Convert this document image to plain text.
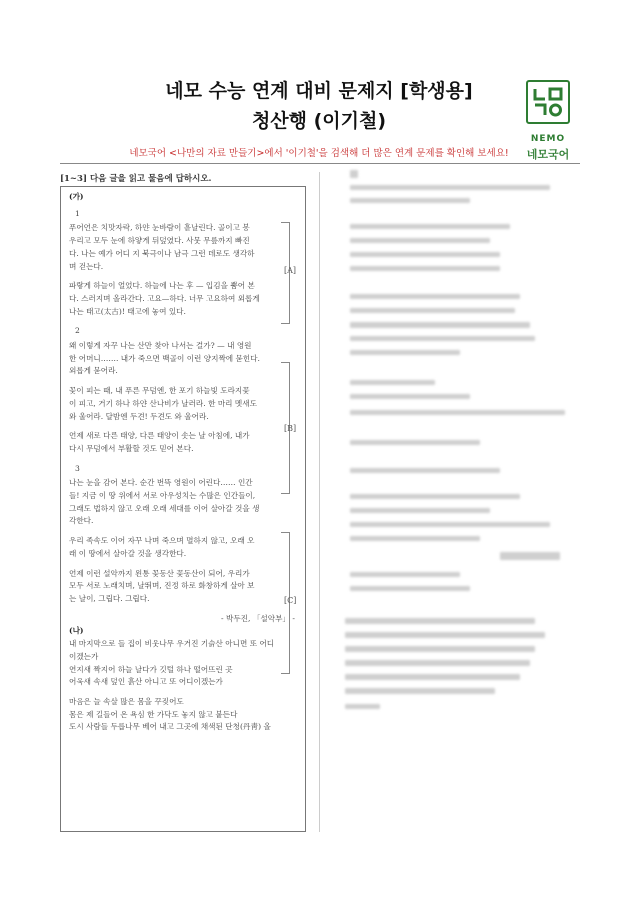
네모 수능 연계 대비 문제지 [학생용]
청산행 (이기철)
NEMO
네모국어
네모국어 <나만의 자료 만들기>에서 '이기철'을 검색해 더 많은 연계 문제를 확인해 보세요!
[1~3] 다음 글을 읽고 물음에 답하시오.
(가)
1

푸어언은 치맛자락, 하얀 눈바람이 흩날린다. 골이고 봉
우리고 모두 눈에 하얗게 뒤덮였다. 사뭇 무릎까지 빠진
다. 나는 예가 어디 지 북극이나 남극 그런 데로도 생각하
며 걷는다.

파랗게 하늘이 얼었다. 하늘에 나는 후 — 입김을 뿜어 본
다. 스러지며 올라간다. 고요—하다. 너무 고요하여 외롭게
나는 태고(太古)! 태고에 놓여 있다.

2

왜 이렇게 자꾸 나는 산만 찾아 나서는 걸가? — 내 영원
한 어머니……. 내가 죽으면 백골이 이런 양지짝에 묻힌다.
외롭게 묻어라.

꽃이 피는 때, 내 푸른 무덤엔, 한 포기 하늘빛 도라지꽃
이 피고, 거기 하나 하얀 산나비가 날러라. 한 마리 멧새도
와 울어라. 달밤엔 두견! 두견도 와 울어라.

언제 새로 다른 태양, 다른 태양이 솟는 날 아침에, 내가
다시 무덤에서 부활할 것도 믿어 본다.

3

나는 눈을 감어 본다. 순간 번뜩 영원이 어린다…… 인간
들! 지금 이 땅 위에서 서로 아우성치는 수많은 인간들이,
그래도 법하지 않고 오래 오래 세대를 이어 살아갈 것을 생
각한다.

우리 족속도 이어 자꾸 나며 죽으며 멸하지 않고, 오래 오
래 이 땅에서 살아갈 것을 생각한다.

언제 이런 설악까지 왼통 꽃동산 꽃동산이 되어, 우리가
모두 서로 노래치며, 날뛰며, 진정 하로 화창하게 살아 보
는 날이, 그립다. 그립다.

- 박두진, 「설악부」 -
(나)

내 마지막으로 들 집이 비웃나무 우거진 기슭산 아니면 또 어디
이겠는가
연지새 짝지어 하늘 날다가 깃털 하나 떨어뜨린 곳
어욱새 속새 덮인 흙산 아니고 또 어디이겠는가

마음은 늘 속살 많은 몸을 꾸짖어도
몸은 제 길들어 온 욕심 한 가닥도 놓지 않고 붙든다
도시 사람들 두릅나무 베어 내고 그곳에 채색된 단청(丹靑) 올

[A]
[B]
[C]
